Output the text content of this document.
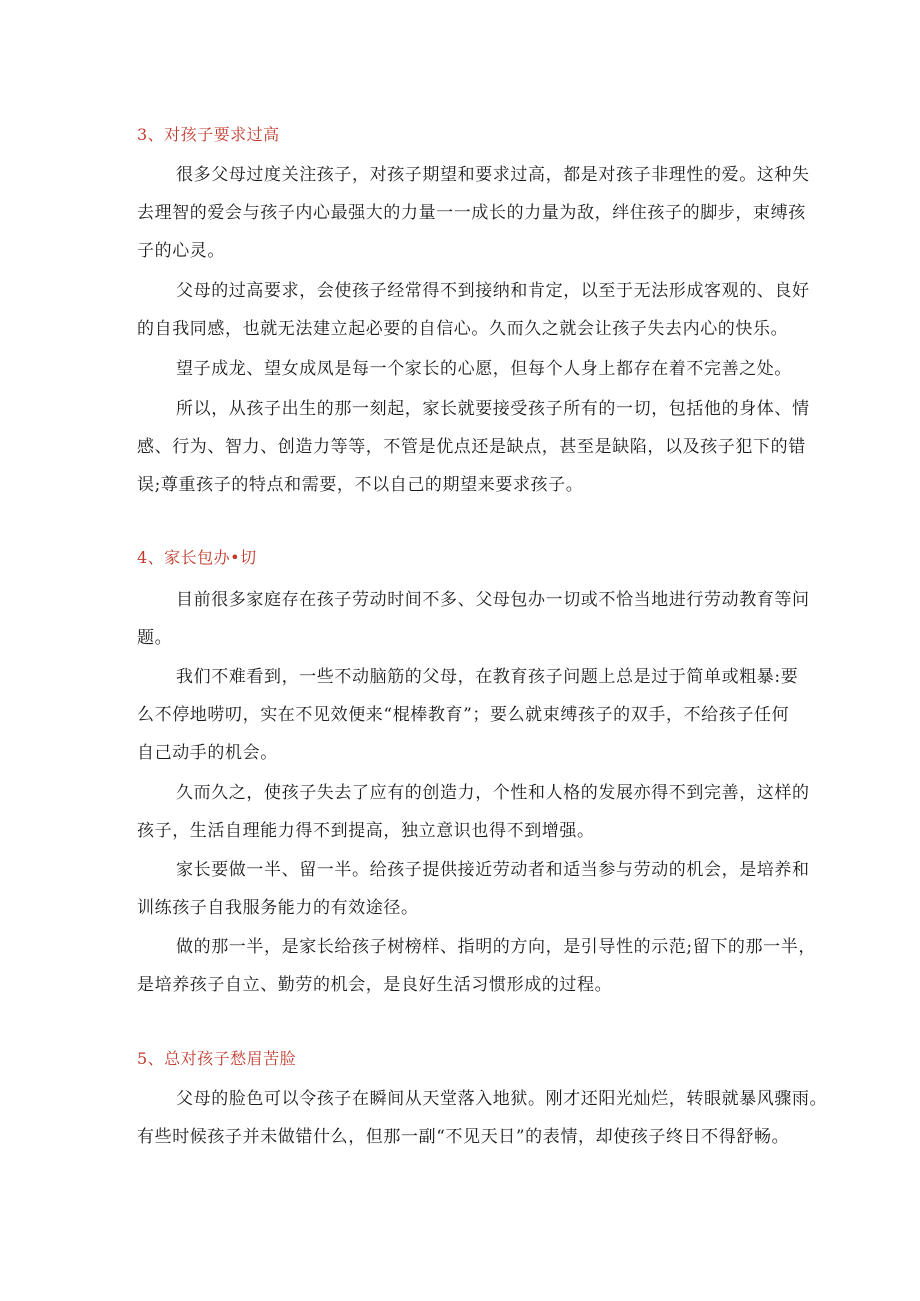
3、对孩子要求过高
很多父母过度关注孩子，对孩子期望和要求过高，都是对孩子非理性的爱。这种失
去理智的爱会与孩子内心最强大的力量一一成长的力量为敌，绊住孩子的脚步，束缚孩
子的心灵。
父母的过高要求，会使孩子经常得不到接纳和肯定，以至于无法形成客观的、良好
的自我同感，也就无法建立起必要的自信心。久而久之就会让孩子失去内心的快乐。
望子成龙、望女成凤是每一个家长的心愿，但每个人身上都存在着不完善之处。
所以，从孩子出生的那一刻起，家长就要接受孩子所有的一切，包括他的身体、情
感、行为、智力、创造力等等，不管是优点还是缺点，甚至是缺陷，以及孩子犯下的错
误;尊重孩子的特点和需要，不以自己的期望来要求孩子。
4、家长包办•切
目前很多家庭存在孩子劳动时间不多、父母包办一切或不恰当地进行劳动教育等问
题。
我们不难看到，一些不动脑筋的父母，在教育孩子问题上总是过于简单或粗暴:要
么不停地唠叨，实在不见效便来“棍棒教育”；要么就束缚孩子的双手，不给孩子任何
自己动手的机会。
久而久之，使孩子失去了应有的创造力，个性和人格的发展亦得不到完善，这样的
孩子，生活自理能力得不到提高，独立意识也得不到增强。
家长要做一半、留一半。给孩子提供接近劳动者和适当参与劳动的机会，是培养和
训练孩子自我服务能力的有效途径。
做的那一半，是家长给孩子树榜样、指明的方向，是引导性的示范;留下的那一半，
是培养孩子自立、勤劳的机会，是良好生活习惯形成的过程。
5、总对孩子愁眉苦脸
父母的脸色可以令孩子在瞬间从天堂落入地狱。刚才还阳光灿烂，转眼就暴风骤雨。
有些时候孩子并未做错什么，但那一副“不见天日”的表情，却使孩子终日不得舒畅。
